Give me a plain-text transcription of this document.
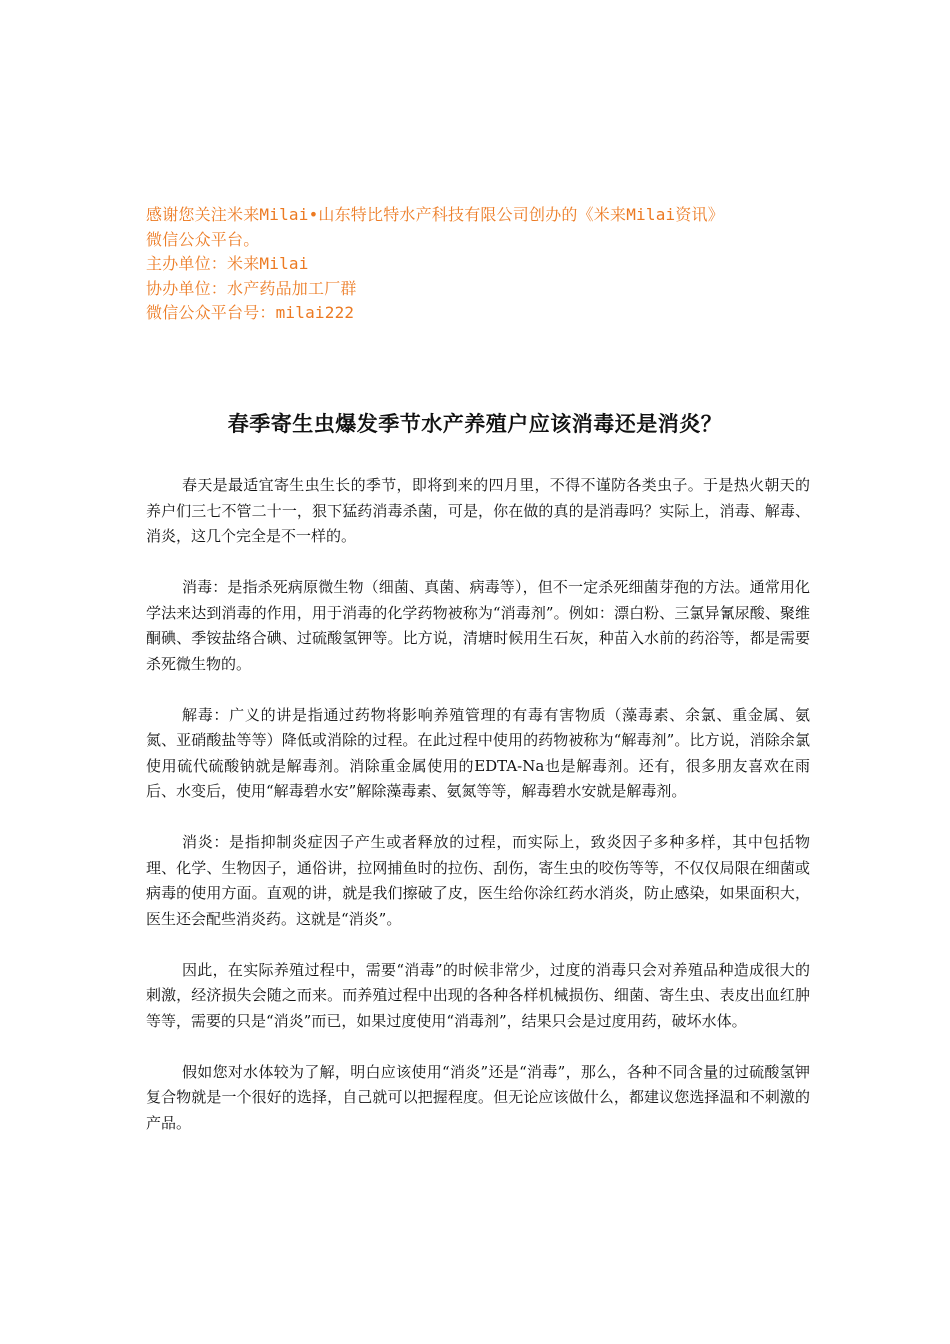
感谢您关注米来Milai•山东特比特水产科技有限公司创办的《米来Milai资讯》
微信公众平台。
主办单位：米来Milai
协办单位：水产药品加工厂群
微信公众平台号：milai222
春季寄生虫爆发季节水产养殖户应该消毒还是消炎？

春天是最适宜寄生虫生长的季节，即将到来的四月里，不得不谨防各类虫子。于是热火朝天的养户们三七不管二十一，狠下猛药消毒杀菌，可是，你在做的真的是消毒吗？实际上，消毒、解毒、消炎，这几个完全是不一样的。

消毒：是指杀死病原微生物（细菌、真菌、病毒等），但不一定杀死细菌芽孢的方法。通常用化学法来达到消毒的作用，用于消毒的化学药物被称为“消毒剂”。例如：漂白粉、三氯异氰尿酸、聚维酮碘、季铵盐络合碘、过硫酸氢钾等。比方说，清塘时候用生石灰，种苗入水前的药浴等，都是需要杀死微生物的。

解毒：广义的讲是指通过药物将影响养殖管理的有毒有害物质（藻毒素、余氯、重金属、氨氮、亚硝酸盐等等）降低或消除的过程。在此过程中使用的药物被称为“解毒剂”。比方说，消除余氯使用硫代硫酸钠就是解毒剂。消除重金属使用的EDTA-Na也是解毒剂。还有，很多朋友喜欢在雨后、水变后，使用“解毒碧水安”解除藻毒素、氨氮等等，解毒碧水安就是解毒剂。

消炎：是指抑制炎症因子产生或者释放的过程，而实际上，致炎因子多种多样，其中包括物理、化学、生物因子，通俗讲，拉网捕鱼时的拉伤、刮伤，寄生虫的咬伤等等，不仅仅局限在细菌或病毒的使用方面。直观的讲，就是我们擦破了皮，医生给你涂红药水消炎，防止感染，如果面积大，医生还会配些消炎药。这就是“消炎”。

因此，在实际养殖过程中，需要“消毒”的时候非常少，过度的消毒只会对养殖品种造成很大的刺激，经济损失会随之而来。而养殖过程中出现的各种各样机械损伤、细菌、寄生虫、表皮出血红肿等等，需要的只是“消炎”而已，如果过度使用“消毒剂”，结果只会是过度用药，破坏水体。

假如您对水体较为了解，明白应该使用“消炎”还是“消毒”，那么，各种不同含量的过硫酸氢钾复合物就是一个很好的选择，自己就可以把握程度。但无论应该做什么，都建议您选择温和不刺激的产品。
